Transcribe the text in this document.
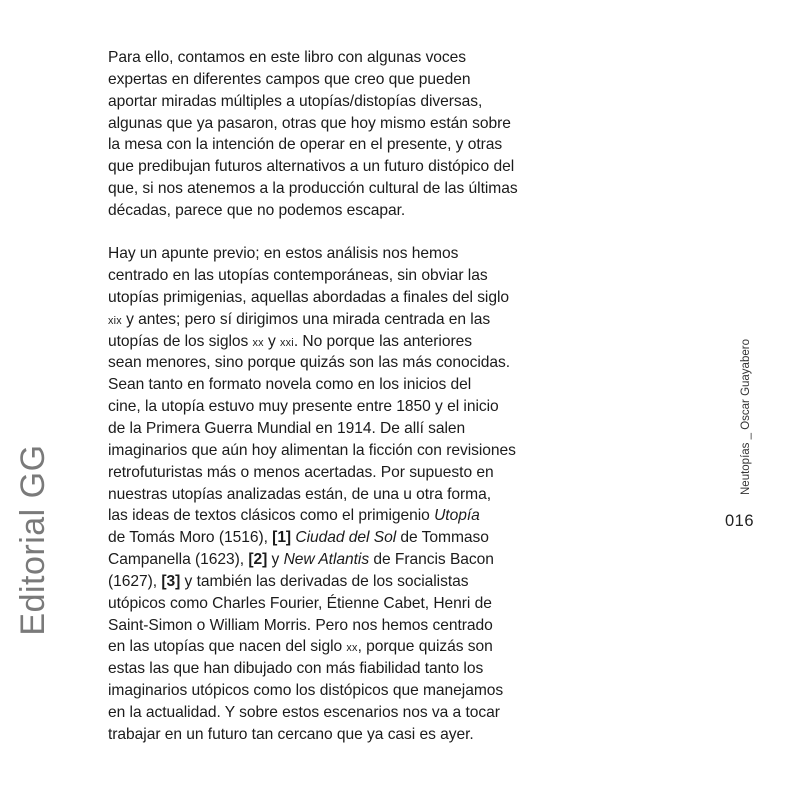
Para ello, contamos en este libro con algunas voces
expertas en diferentes campos que creo que pueden
aportar miradas múltiples a utopías/distopías diversas,
algunas que ya pasaron, otras que hoy mismo están sobre
la mesa con la intención de operar en el presente, y otras
que predibujan futuros alternativos a un futuro distópico del
que, si nos atenemos a la producción cultural de las últimas
décadas, parece que no podemos escapar.
Hay un apunte previo; en estos análisis nos hemos
centrado en las utopías contemporáneas, sin obviar las
utopías primigenias, aquellas abordadas a finales del siglo
xix y antes; pero sí dirigimos una mirada centrada en las
utopías de los siglos xx y xxi. No porque las anteriores
sean menores, sino porque quizás son las más conocidas.
Sean tanto en formato novela como en los inicios del
cine, la utopía estuvo muy presente entre 1850 y el inicio
de la Primera Guerra Mundial en 1914. De allí salen
imaginarios que aún hoy alimentan la ficción con revisiones
retrofuturistas más o menos acertadas. Por supuesto en
nuestras utopías analizadas están, de una u otra forma,
las ideas de textos clásicos como el primigenio Utopía
de Tomás Moro (1516), [1] Ciudad del Sol de Tommaso
Campanella (1623), [2] y New Atlantis de Francis Bacon
(1627), [3] y también las derivadas de los socialistas
utópicos como Charles Fourier, Étienne Cabet, Henri de
Saint-Simon o William Morris. Pero nos hemos centrado
en las utopías que nacen del siglo xx, porque quizás son
estas las que han dibujado con más fiabilidad tanto los
imaginarios utópicos como los distópicos que manejamos
en la actualidad. Y sobre estos escenarios nos va a tocar
trabajar en un futuro tan cercano que ya casi es ayer.
Editorial GG
Neutopías _ Oscar Guayabero
016
